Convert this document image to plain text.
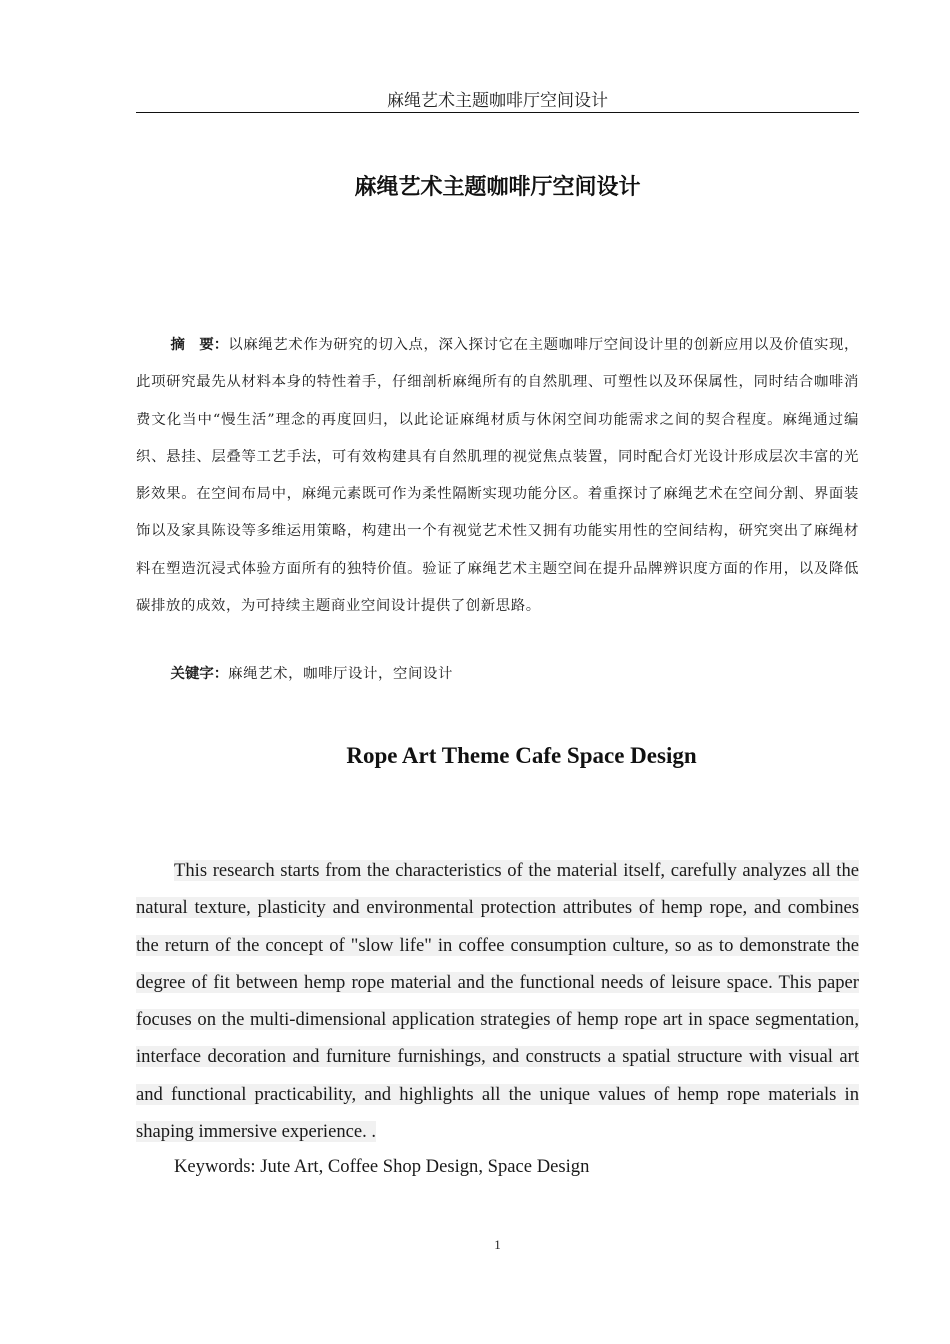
麻绳艺术主题咖啡厅空间设计
麻绳艺术主题咖啡厅空间设计

摘　要：以麻绳艺术作为研究的切入点，深入探讨它在主题咖啡厅空间设计里的创新应用以及价值实现，此项研究最先从材料本身的特性着手，仔细剖析麻绳所有的自然肌理、可塑性以及环保属性，同时结合咖啡消费文化当中“慢生活”理念的再度回归，以此论证麻绳材质与休闲空间功能需求之间的契合程度。麻绳通过编织、悬挂、层叠等工艺手法，可有效构建具有自然肌理的视觉焦点装置，同时配合灯光设计形成层次丰富的光影效果。在空间布局中，麻绳元素既可作为柔性隔断实现功能分区。着重探讨了麻绳艺术在空间分割、界面装饰以及家具陈设等多维运用策略，构建出一个有视觉艺术性又拥有功能实用性的空间结构，研究突出了麻绳材料在塑造沉浸式体验方面所有的独特价值。验证了麻绳艺术主题空间在提升品牌辨识度方面的作用，以及降低碳排放的成效，为可持续主题商业空间设计提供了创新思路。

关键字：麻绳艺术，咖啡厅设计，空间设计

Rope Art Theme Cafe Space Design

This research starts from the characteristics of the material itself, carefully analyzes all the natural texture, plasticity and environmental protection attributes of hemp rope, and combines the return of the concept of "slow life" in coffee consumption culture, so as to demonstrate the degree of fit between hemp rope material and the functional needs of leisure space. This paper focuses on the multi-dimensional application strategies of hemp rope art in space segmentation, interface decoration and furniture furnishings, and constructs a spatial structure with visual art and functional practicability, and highlights all the unique values of hemp rope materials in shaping immersive experience. .

Keywords: Jute Art, Coffee Shop Design, Space Design

1
